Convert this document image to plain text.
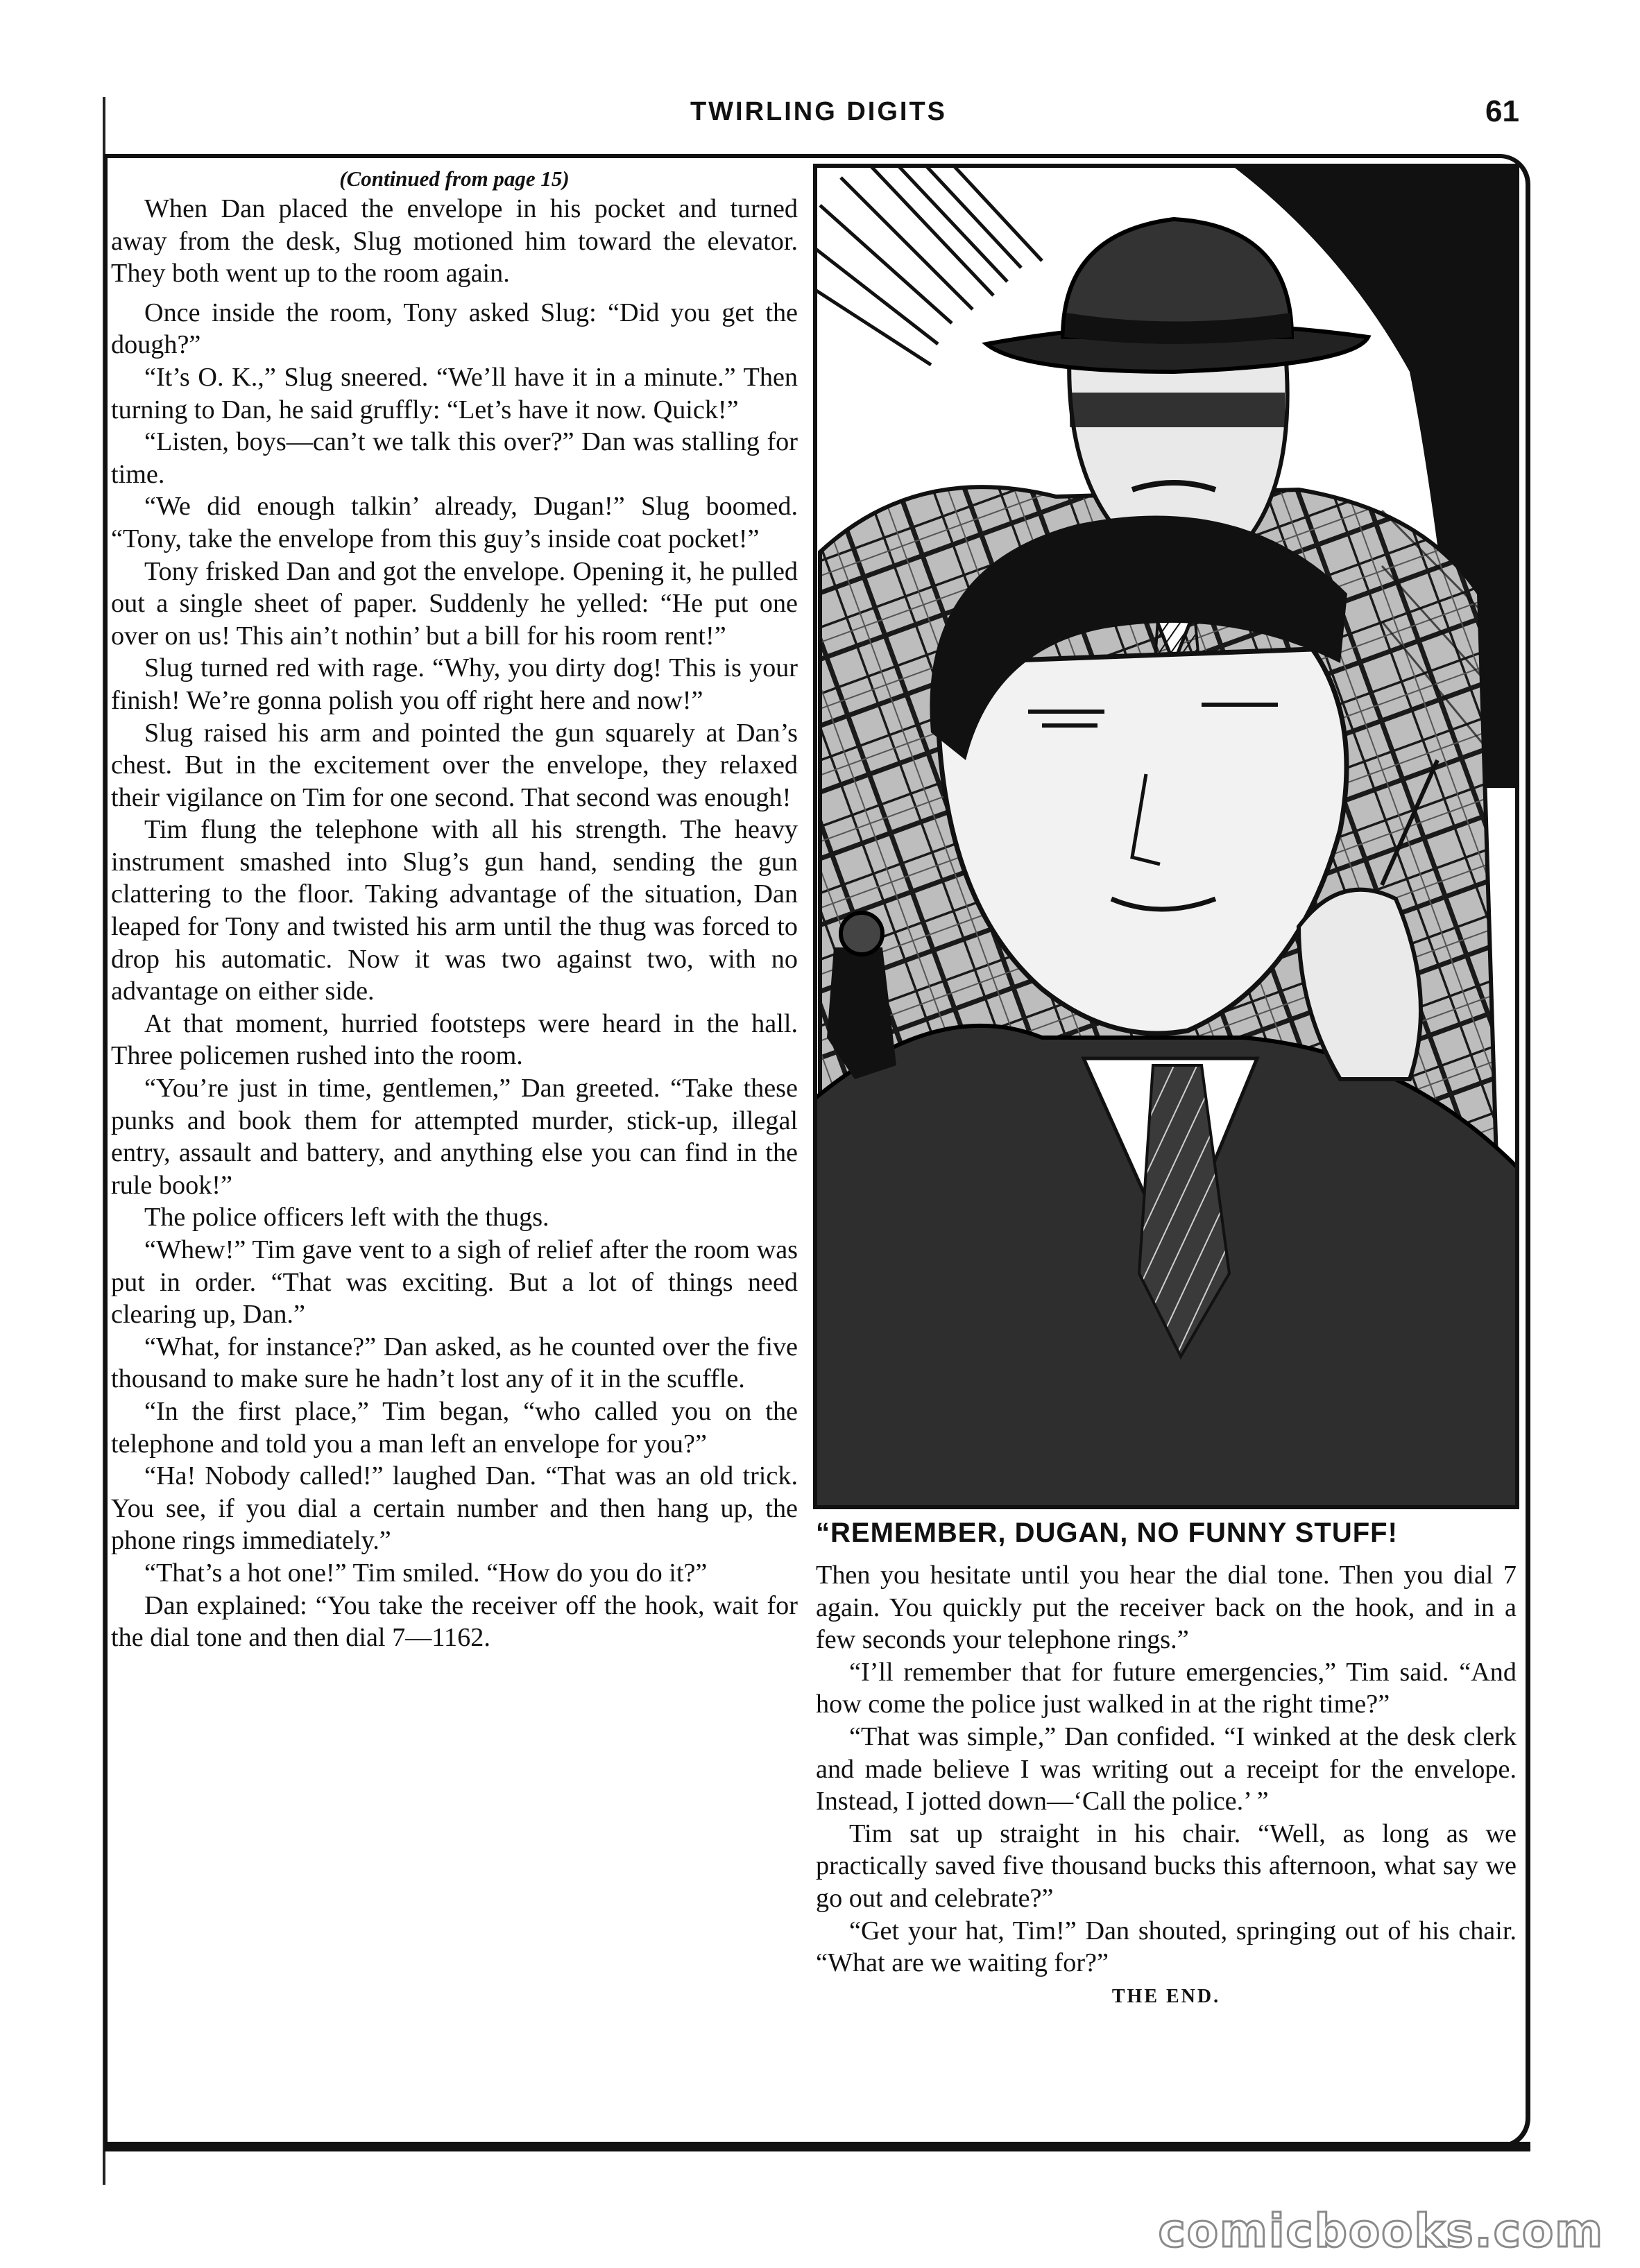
TWIRLING DIGITS	61

(Continued from page 15)

When Dan placed the envelope in his pocket and turned away from the desk, Slug motioned him toward the elevator. They both went up to the room again.

Once inside the room, Tony asked Slug: “Did you get the dough?”

“It’s O. K.,” Slug sneered. “We’ll have it in a minute.” Then turning to Dan, he said gruffly: “Let’s have it now. Quick!”

“Listen, boys—can’t we talk this over?” Dan was stalling for time.

“We did enough talkin’ already, Dugan!” Slug boomed. “Tony, take the envelope from this guy’s inside coat pocket!”

Tony frisked Dan and got the envelope. Opening it, he pulled out a single sheet of paper. Suddenly he yelled: “He put one over on us! This ain’t nothin’ but a bill for his room rent!”

Slug turned red with rage. “Why, you dirty dog! This is your finish! We’re gonna polish you off right here and now!”

Slug raised his arm and pointed the gun squarely at Dan’s chest. But in the excitement over the envelope, they relaxed their vigilance on Tim for one second. That second was enough!

Tim flung the telephone with all his strength. The heavy instrument smashed into Slug’s gun hand, sending the gun clattering to the floor. Taking advantage of the situation, Dan leaped for Tony and twisted his arm until the thug was forced to drop his automatic. Now it was two against two, with no advantage on either side.

At that moment, hurried footsteps were heard in the hall. Three policemen rushed into the room.

“You’re just in time, gentlemen,” Dan greeted. “Take these punks and book them for attempted murder, stick-up, illegal entry, assault and battery, and anything else you can find in the rule book!”

The police officers left with the thugs.

“Whew!” Tim gave vent to a sigh of relief after the room was put in order. “That was exciting. But a lot of things need clearing up, Dan.”

“What, for instance?” Dan asked, as he counted over the five thousand to make sure he hadn’t lost any of it in the scuffle.

“In the first place,” Tim began, “who called you on the telephone and told you a man left an envelope for you?”

“Ha! Nobody called!” laughed Dan. “That was an old trick. You see, if you dial a certain number and then hang up, the phone rings immediately.”

“That’s a hot one!” Tim smiled. “How do you do it?”

Dan explained: “You take the receiver off the hook, wait for the dial tone and then dial 7—1162.

“REMEMBER, DUGAN, NO FUNNY STUFF!

Then you hesitate until you hear the dial tone. Then you dial 7 again. You quickly put the receiver back on the hook, and in a few seconds your telephone rings.”

“I’ll remember that for future emergencies,” Tim said. “And how come the police just walked in at the right time?”

“That was simple,” Dan confided. “I winked at the desk clerk and made believe I was writing out a receipt for the envelope. Instead, I jotted down—‘Call the police.’ ”

Tim sat up straight in his chair. “Well, as long as we practically saved five thousand bucks this afternoon, what say we go out and celebrate?”

“Get your hat, Tim!” Dan shouted, springing out of his chair. “What are we waiting for?”

THE END.

comicbooks.com
